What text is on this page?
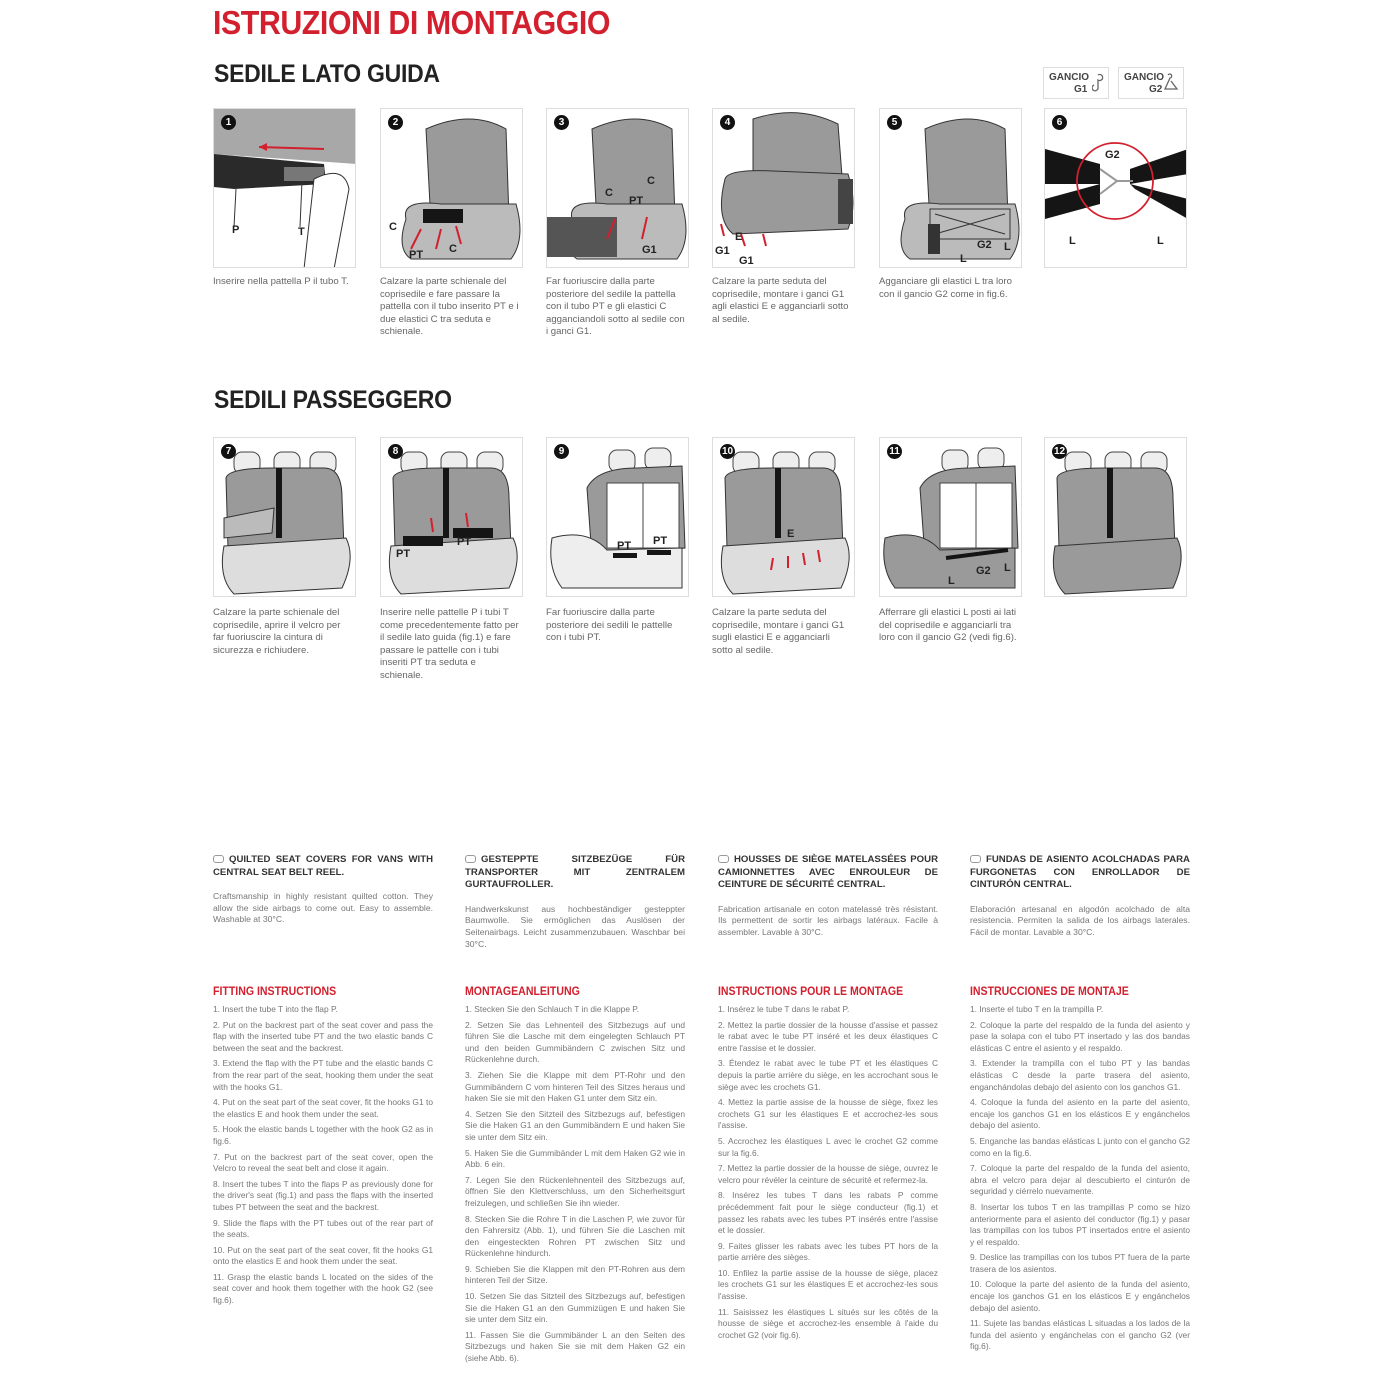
ISTRUZIONI DI MONTAGGIO
SEDILE LATO GUIDA
SEDILI PASSEGGERO
GANCIO
G1
GANCIO
G2
1
P	T
Inserire nella pattella P il tubo T.
2
C
PT C
Calzare la parte schienale del coprisedile e fare passare la pattella con il tubo inserito PT e i due elastici C tra seduta e schienale.
3
C
C
PT
G1
Far fuoriuscire dalla parte posteriore del sedile la pattella con il tubo PT e gli elastici C agganciandoli sotto al sedile con i ganci G1.
4
G1
E
G1
Calzare la parte seduta del coprisedile, montare i ganci G1 agli elastici E e agganciarli sotto al sedile.
5
L
G2 L
Agganciare gli elastici L tra loro con il gancio G2 come in fig.6.
6
G2
L	L
7
Calzare la parte schienale del coprisedile, aprire il velcro per far fuoriuscire la cintura di sicurezza e richiudere.
8
PT
PT
Inserire nelle pattelle P i tubi T come precedentemente fatto per il sedile lato guida (fig.1) e fare passare le pattelle con i tubi inseriti PT tra seduta e schienale.
9
PT PT
Far fuoriuscire dalla parte posteriore dei sedili le pattelle con i tubi PT.
10
E
Calzare la parte seduta del coprisedile, montare i ganci G1 sugli elastici E e agganciarli sotto al sedile.
11
L
G2 L
Afferrare gli elastici L posti ai lati del coprisedile e agganciarli tra loro con il gancio G2 (vedi fig.6).
12
QUILTED SEAT COVERS FOR VANS WITH CENTRAL SEAT BELT REEL.
Craftsmanship in highly resistant quilted cotton. They allow the side airbags to come out. Easy to assemble. Washable at 30°C.
FITTING INSTRUCTIONS
1. Insert the tube T into the flap P.
2. Put on the backrest part of the seat cover and pass the flap with the inserted tube PT and the two elastic bands C between the seat and the backrest.
3. Extend the flap with the PT tube and the elastic bands C from the rear part of the seat, hooking them under the seat with the hooks G1.
4. Put on the seat part of the seat cover, fit the hooks G1 to the elastics E and hook them under the seat.
5. Hook the elastic bands L together with the hook G2 as in fig.6.
7. Put on the backrest part of the seat cover, open the Velcro to reveal the seat belt and close it again.
8. Insert the tubes T into the flaps P as previously done for the driver's seat (fig.1) and pass the flaps with the inserted tubes PT between the seat and the backrest.
9. Slide the flaps with the PT tubes out of the rear part of the seats.
10. Put on the seat part of the seat cover, fit the hooks G1 onto the elastics E and hook them under the seat.
11. Grasp the elastic bands L located on the sides of the seat cover and hook them together with the hook G2 (see fig.6).
GESTEPPTE SITZBEZÜGE FÜR TRANSPORTER MIT ZENTRALEM GURTAUFROLLER.
Handwerkskunst aus hochbeständiger gesteppter Baumwolle. Sie ermöglichen das Auslösen der Seitenairbags. Leicht zusammenzubauen. Waschbar bei 30°C.
MONTAGEANLEITUNG
1. Stecken Sie den Schlauch T in die Klappe P.
2. Setzen Sie das Lehnenteil des Sitzbezugs auf und führen Sie die Lasche mit dem eingelegten Schlauch PT und den beiden Gummibändern C zwischen Sitz und Rückenlehne durch.
3. Ziehen Sie die Klappe mit dem PT-Rohr und den Gummibändern C vom hinteren Teil des Sitzes heraus und haken Sie sie mit den Haken G1 unter dem Sitz ein.
4. Setzen Sie den Sitzteil des Sitzbezugs auf, befestigen Sie die Haken G1 an den Gummibändern E und haken Sie sie unter dem Sitz ein.
5. Haken Sie die Gummibänder L mit dem Haken G2 wie in Abb. 6 ein.
7. Legen Sie den Rückenlehnenteil des Sitzbezugs auf, öffnen Sie den Klettverschluss, um den Sicherheitsgurt freizulegen, und schließen Sie ihn wieder.
8. Stecken Sie die Rohre T in die Laschen P, wie zuvor für den Fahrersitz (Abb. 1), und führen Sie die Laschen mit den eingesteckten Rohren PT zwischen Sitz und Rückenlehne hindurch.
9. Schieben Sie die Klappen mit den PT-Rohren aus dem hinteren Teil der Sitze.
10. Setzen Sie das Sitzteil des Sitzbezugs auf, befestigen Sie die Haken G1 an den Gummizügen E und haken Sie sie unter dem Sitz ein.
11. Fassen Sie die Gummibänder L an den Seiten des Sitzbezugs und haken Sie sie mit dem Haken G2 ein (siehe Abb. 6).
HOUSSES DE SIÈGE MATELASSÉES POUR CAMIONNETTES AVEC ENROULEUR DE CEINTURE DE SÉCURITÉ CENTRAL.
Fabrication artisanale en coton matelassé très résistant. Ils permettent de sortir les airbags latéraux. Facile à assembler. Lavable à 30°C.
INSTRUCTIONS POUR LE MONTAGE
1. Insérez le tube T dans le rabat P.
2. Mettez la partie dossier de la housse d'assise et passez le rabat avec le tube PT inséré et les deux élastiques C entre l'assise et le dossier.
3. Étendez le rabat avec le tube PT et les élastiques C depuis la partie arrière du siège, en les accrochant sous le siège avec les crochets G1.
4. Mettez la partie assise de la housse de siège, fixez les crochets G1 sur les élastiques E et accrochez-les sous l'assise.
5. Accrochez les élastiques L avec le crochet G2 comme sur la fig.6.
7. Mettez la partie dossier de la housse de siège, ouvrez le velcro pour révéler la ceinture de sécurité et refermez-la.
8. Insérez les tubes T dans les rabats P comme précédemment fait pour le siège conducteur (fig.1) et passez les rabats avec les tubes PT insérés entre l'assise et le dossier.
9. Faites glisser les rabats avec les tubes PT hors de la partie arrière des sièges.
10. Enfilez la partie assise de la housse de siège, placez les crochets G1 sur les élastiques E et accrochez-les sous l'assise.
11. Saisissez les élastiques L situés sur les côtés de la housse de siège et accrochez-les ensemble à l'aide du crochet G2 (voir fig.6).
FUNDAS DE ASIENTO ACOLCHADAS PARA FURGONETAS CON ENROLLADOR DE CINTURÓN CENTRAL.
Elaboración artesanal en algodón acolchado de alta resistencia. Permiten la salida de los airbags laterales. Fácil de montar. Lavable a 30°C.
INSTRUCCIONES DE MONTAJE
1. Inserte el tubo T en la trampilla P.
2. Coloque la parte del respaldo de la funda del asiento y pase la solapa con el tubo PT insertado y las dos bandas elásticas C entre el asiento y el respaldo.
3. Extender la trampilla con el tubo PT y las bandas elásticas C desde la parte trasera del asiento, enganchándolas debajo del asiento con los ganchos G1.
4. Coloque la funda del asiento en la parte del asiento, encaje los ganchos G1 en los elásticos E y engánchelos debajo del asiento.
5. Enganche las bandas elásticas L junto con el gancho G2 como en la fig.6.
7. Coloque la parte del respaldo de la funda del asiento, abra el velcro para dejar al descubierto el cinturón de seguridad y ciérrelo nuevamente.
8. Insertar los tubos T en las trampillas P como se hizo anteriormente para el asiento del conductor (fig.1) y pasar las trampillas con los tubos PT insertados entre el asiento y el respaldo.
9. Deslice las trampillas con los tubos PT fuera de la parte trasera de los asientos.
10. Coloque la parte del asiento de la funda del asiento, encaje los ganchos G1 en los elásticos E y engánchelos debajo del asiento.
11. Sujete las bandas elásticas L situadas a los lados de la funda del asiento y engánchelas con el gancho G2 (ver fig.6).
